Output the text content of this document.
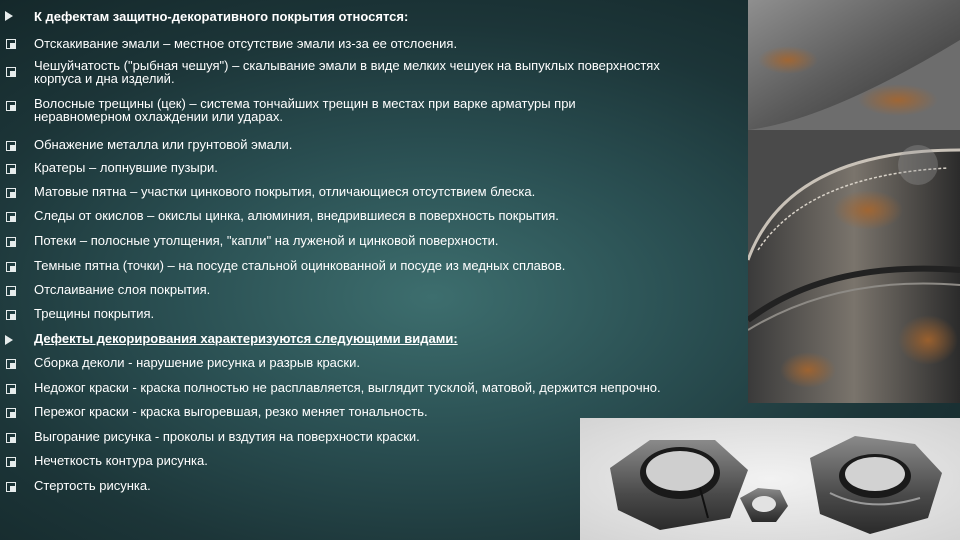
К дефектам защитно-декоративного покрытия относятся:
Отскакивание эмали – местное отсутствие эмали из-за ее отслоения.
Чешуйчатость ("рыбная чешуя") – скалывание эмали в виде мелких чешуек на выпуклых поверхностях
корпуса и дна изделий.
Волосные трещины (цек) – система тончайших трещин в местах при варке арматуры при
неравномерном охлаждении или ударах.
Обнажение металла или грунтовой эмали.
Кратеры – лопнувшие пузыри.
Матовые пятна – участки цинкового покрытия, отличающиеся отсутствием блеска.
Следы от окислов – окислы цинка, алюминия, внедрившиеся в поверхность покрытия.
Потеки – полосные утолщения, "капли" на луженой и цинковой поверхности.
Темные пятна (точки) – на посуде стальной оцинкованной и посуде из медных сплавов.
Отслаивание слоя покрытия.
Трещины покрытия.
Дефекты декорирования характеризуются следующими видами:
Сборка деколи - нарушение рисунка и разрыв краски.
Недожог краски - краска полностью не расплавляется, выглядит тусклой, матовой, держится непрочно.
Пережог краски - краска выгоревшая, резко меняет тональность.
Выгорание рисунка - проколы и вздутия на поверхности краски.
Нечеткость контура рисунка.
Стертость рисунка.
